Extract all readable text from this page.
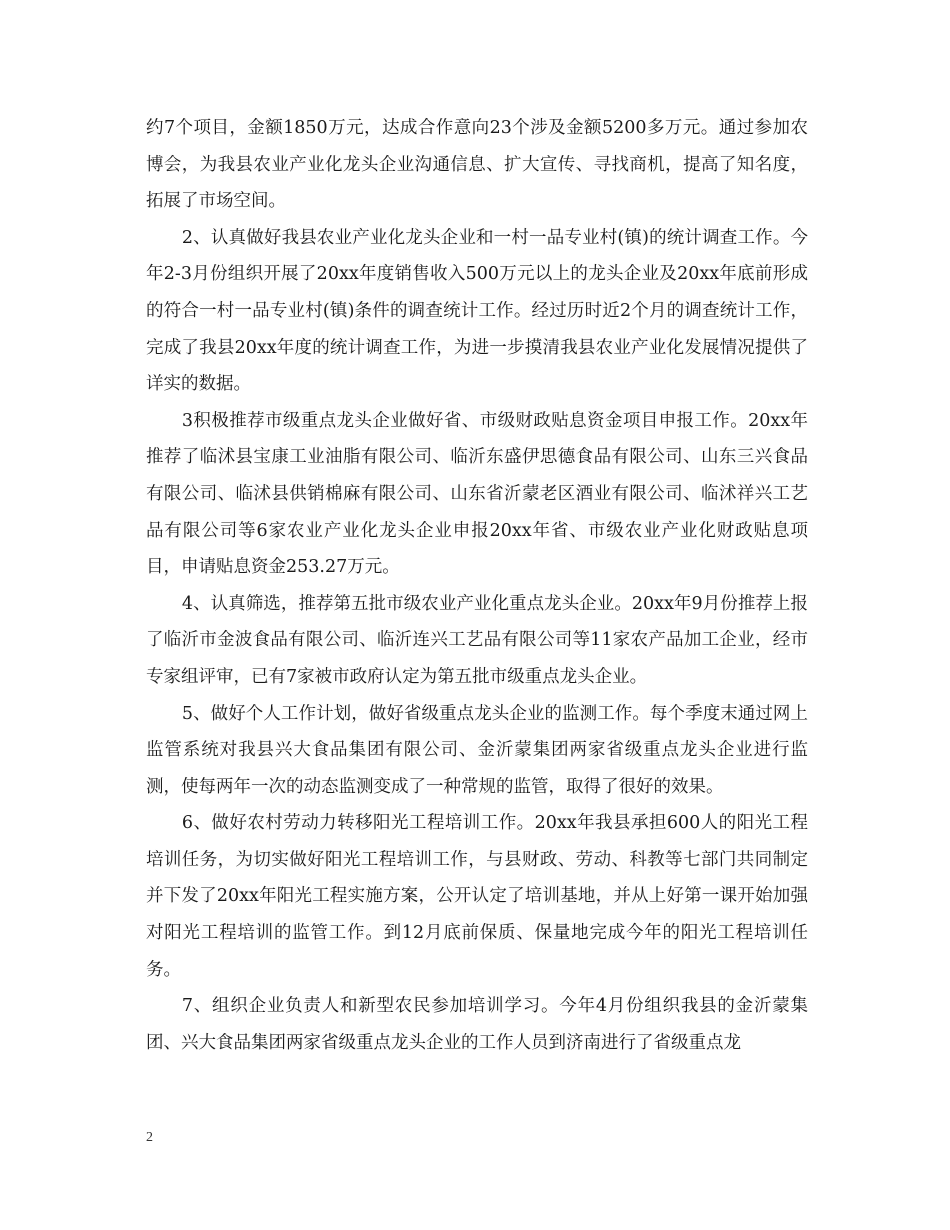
约7个项目，金额1850万元，达成合作意向23个涉及金额5200多万元。通过参加农博会，为我县农业产业化龙头企业沟通信息、扩大宣传、寻找商机，提高了知名度，拓展了市场空间。

2、认真做好我县农业产业化龙头企业和一村一品专业村(镇)的统计调查工作。今年2-3月份组织开展了20xx年度销售收入500万元以上的龙头企业及20xx年底前形成的符合一村一品专业村(镇)条件的调查统计工作。经过历时近2个月的调查统计工作，完成了我县20xx年度的统计调查工作，为进一步摸清我县农业产业化发展情况提供了详实的数据。

3积极推荐市级重点龙头企业做好省、市级财政贴息资金项目申报工作。20xx年推荐了临沭县宝康工业油脂有限公司、临沂东盛伊思德食品有限公司、山东三兴食品有限公司、临沭县供销棉麻有限公司、山东省沂蒙老区酒业有限公司、临沭祥兴工艺品有限公司等6家农业产业化龙头企业申报20xx年省、市级农业产业化财政贴息项目，申请贴息资金253.27万元。

4、认真筛选，推荐第五批市级农业产业化重点龙头企业。20xx年9月份推荐上报了临沂市金波食品有限公司、临沂连兴工艺品有限公司等11家农产品加工企业，经市专家组评审，已有7家被市政府认定为第五批市级重点龙头企业。

5、做好个人工作计划，做好省级重点龙头企业的监测工作。每个季度末通过网上监管系统对我县兴大食品集团有限公司、金沂蒙集团两家省级重点龙头企业进行监测，使每两年一次的动态监测变成了一种常规的监管，取得了很好的效果。

6、做好农村劳动力转移阳光工程培训工作。20xx年我县承担600人的阳光工程培训任务，为切实做好阳光工程培训工作，与县财政、劳动、科教等七部门共同制定并下发了20xx年阳光工程实施方案，公开认定了培训基地，并从上好第一课开始加强对阳光工程培训的监管工作。到12月底前保质、保量地完成今年的阳光工程培训任务。

7、组织企业负责人和新型农民参加培训学习。今年4月份组织我县的金沂蒙集团、兴大食品集团两家省级重点龙头企业的工作人员到济南进行了省级重点龙

2
